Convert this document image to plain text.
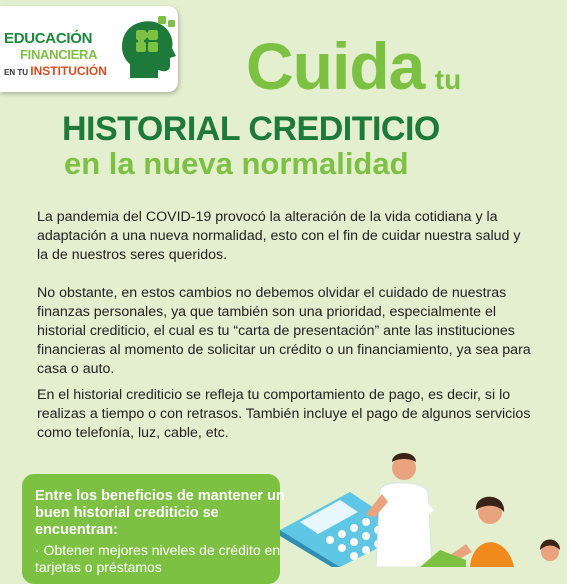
EDUCACIÓN
FINANCIERA
EN TU INSTITUCIÓN Cuida tu
HISTORIAL CREDITICIO
en la nueva normalidad

La pandemia del COVID-19 provocó la alteración de la vida cotidiana y la adaptación a una nueva normalidad, esto con el fin de cuidar nuestra salud y la de nuestros seres queridos.

No obstante, en estos cambios no debemos olvidar el cuidado de nuestras finanzas personales, ya que también son una prioridad, especialmente el historial crediticio, el cual es tu “carta de presentación” ante las instituciones financieras al momento de solicitar un crédito o un financiamiento, ya sea para casa o auto.

En el historial crediticio se refleja tu comportamiento de pago, es decir, si lo realizas a tiempo o con retrasos. También incluye el pago de algunos servicios como telefonía, luz, cable, etc.

Entre los beneficios de mantener un buen historial crediticio se encuentran:
· Obtener mejores niveles de crédito en tarjetas o préstamos
